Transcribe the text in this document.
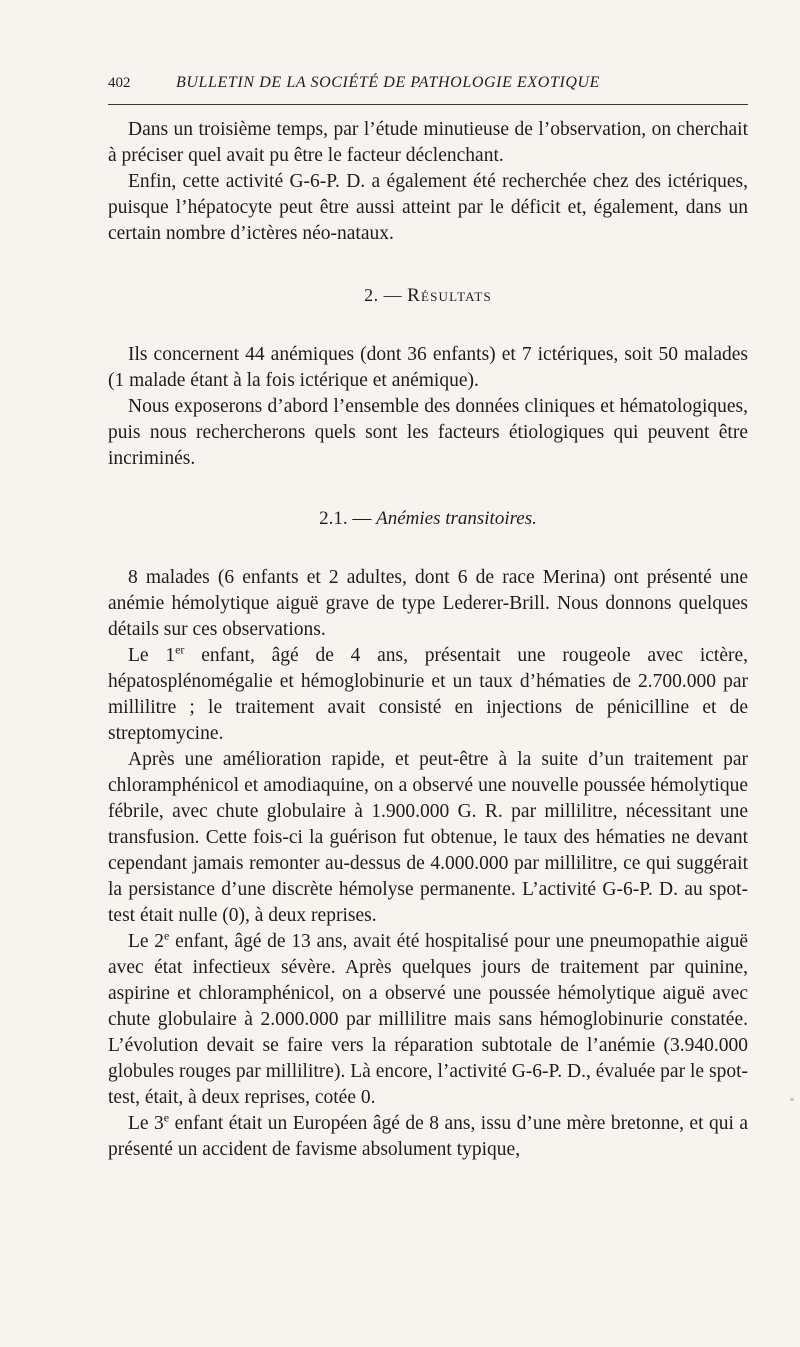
402	BULLETIN DE LA SOCIÉTÉ DE PATHOLOGIE EXOTIQUE

Dans un troisième temps, par l’étude minutieuse de l’observation, on cherchait à préciser quel avait pu être le facteur déclenchant.

Enfin, cette activité G-6-P. D. a également été recherchée chez des ictériques, puisque l’hépatocyte peut être aussi atteint par le déficit et, également, dans un certain nombre d’ictères néo-nataux.

2. — Résultats

Ils concernent 44 anémiques (dont 36 enfants) et 7 ictériques, soit 50 malades (1 malade étant à la fois ictérique et anémique).

Nous exposerons d’abord l’ensemble des données cliniques et hématologiques, puis nous rechercherons quels sont les facteurs étiologiques qui peuvent être incriminés.

2.1. — Anémies transitoires.

8 malades (6 enfants et 2 adultes, dont 6 de race Merina) ont présenté une anémie hémolytique aiguë grave de type Lederer-Brill. Nous donnons quelques détails sur ces observations.

Le 1er enfant, âgé de 4 ans, présentait une rougeole avec ictère, hépatosplénomégalie et hémoglobinurie et un taux d’hématies de 2.700.000 par millilitre ; le traitement avait consisté en injections de pénicilline et de streptomycine.

Après une amélioration rapide, et peut-être à la suite d’un traitement par chloramphénicol et amodiaquine, on a observé une nouvelle poussée hémolytique fébrile, avec chute globulaire à 1.900.000 G. R. par millilitre, nécessitant une transfusion. Cette fois-ci la guérison fut obtenue, le taux des hématies ne devant cependant jamais remonter au-dessus de 4.000.000 par millilitre, ce qui suggérait la persistance d’une discrète hémolyse permanente. L’activité G-6-P. D. au spot-test était nulle (0), à deux reprises.

Le 2e enfant, âgé de 13 ans, avait été hospitalisé pour une pneumopathie aiguë avec état infectieux sévère. Après quelques jours de traitement par quinine, aspirine et chloramphénicol, on a observé une poussée hémolytique aiguë avec chute globulaire à 2.000.000 par millilitre mais sans hémoglobinurie constatée. L’évolution devait se faire vers la réparation subtotale de l’anémie (3.940.000 globules rouges par millilitre). Là encore, l’activité G-6-P. D., évaluée par le spot-test, était, à deux reprises, cotée 0.

Le 3e enfant était un Européen âgé de 8 ans, issu d’une mère bretonne, et qui a présenté un accident de favisme absolument typique,
